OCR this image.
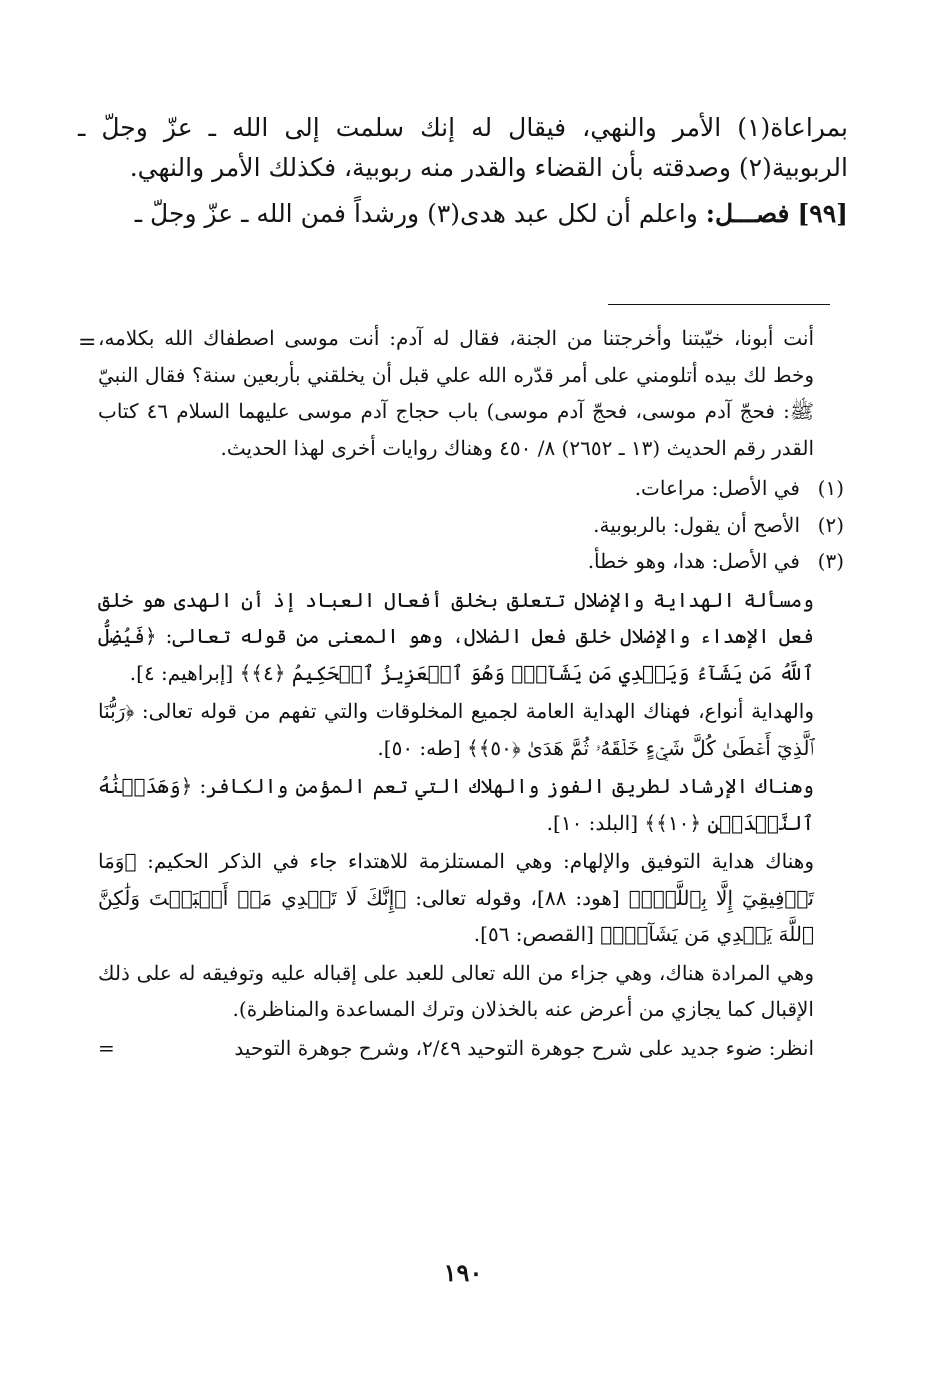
بمراعاة(١) الأمر والنهي، فيقال له إنك سلمت إلى الله ـ عزّ وجلّ ـ الربوبية(٢) وصدقته بأن القضاء والقدر منه ربوبية، فكذلك الأمر والنهي.

[٩٩] فصـــل: واعلم أن لكل عبد هدى(٣) ورشداً فمن الله ـ عزّ وجلّ ـ

= أنت أبونا، خيّبتنا وأخرجتنا من الجنة، فقال له آدم: أنت موسى اصطفاك الله بكلامه، وخط لك بيده أتلومني على أمر قدّره الله علي قبل أن يخلقني بأربعين سنة؟ فقال النبيّ ﷺ: فحجّ آدم موسى، فحجّ آدم موسى) باب حجاج آدم موسى عليهما السلام ٤٦ كتاب القدر رقم الحديث (١٣ ـ ٢٦٥٢) ٨/ ٤٥٠ وهناك روايات أخرى لهذا الحديث.

(١)
في الأصل: مراعات.
(٢)
الأصح أن يقول: بالربوبية.
(٣)
في الأصل: هدا، وهو خطأ.

ومسألة الهداية والإضلال تتعلق بخلق أفعال العباد إذ أن الهدى هو خلق فعل الإهداء والإضلال خلق فعل الضلال، وهو المعنى من قوله تعالى: ﴿فَيُضِلُّ ٱللَّهُ مَن يَشَآءُ وَيَهۡدِي مَن يَشَآءُۚ وَهُوَ ٱلۡعَزِيزُ ٱلۡحَكِيمُ ﴿٤﴾﴾ [إبراهيم: ٤].

والهداية أنواع، فهناك الهداية العامة لجميع المخلوقات والتي تفهم من قوله تعالى: ﴿رَبُّنَا ٱلَّذِيٓ أَعۡطَىٰ كُلَّ شَيۡءٍ خَلۡقَهُۥ ثُمَّ هَدَىٰ ﴿٥٠﴾﴾ [طه: ٥٠].

وهناك الإرشاد لطريق الفوز والهلاك التي تعم المؤمن والكافر: ﴿وَهَدَيۡنَٰهُ ٱلنَّجۡدَيۡنِ ﴿١٠﴾﴾ [البلد: ١٠].

وهناك هداية التوفيق والإلهام: وهي المستلزمة للاهتداء جاء في الذكر الحكيم: ﴿وَمَا تَوۡفِيقِيٓ إِلَّا بِٱللَّهِۚ﴾ [هود: ٨٨]، وقوله تعالى: ﴿إِنَّكَ لَا تَهۡدِي مَنۡ أَحۡبَبۡتَ وَلَٰكِنَّ ٱللَّهَ يَهۡدِي مَن يَشَآءُۚ﴾ [القصص: ٥٦].

وهي المرادة هناك، وهي جزاء من الله تعالى للعبد على إقباله عليه وتوفيقه له على ذلك الإقبال كما يجازي من أعرض عنه بالخذلان وترك المساعدة والمناظرة).

انظر: ضوء جديد على شرح جوهرة التوحيد ٢/٤٩، وشرح جوهرة التوحيد
=

١٩٠
